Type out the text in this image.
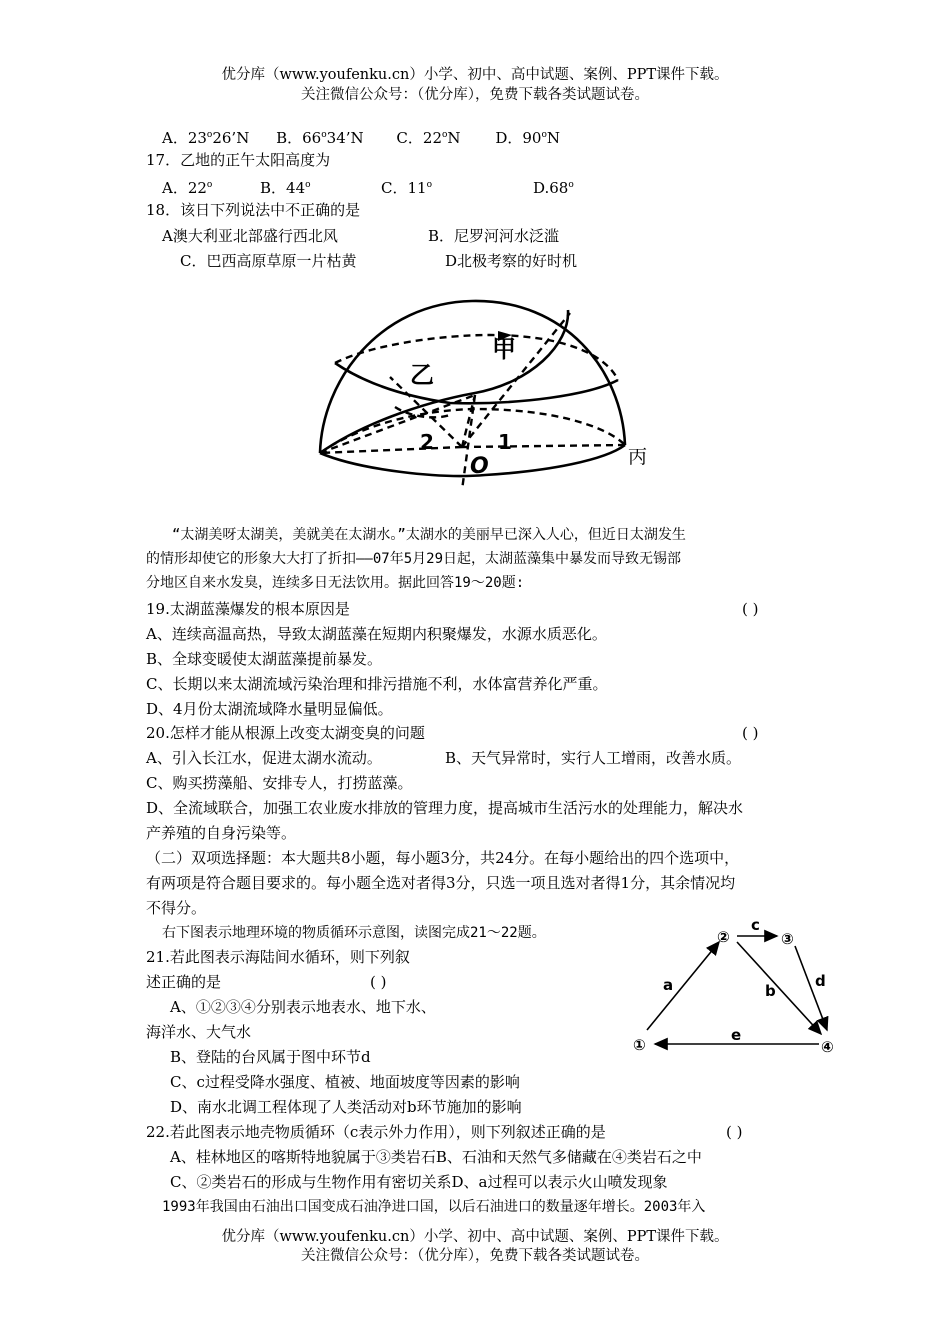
优分库（www.youfenku.cn）小学、初中、高中试题、案例、PPT课件下载。
关注微信公众号：（优分库），免费下载各类试题试卷。
A．23$^o$26’N B．66$^o$34’N C．22$^o$N D．90$^o$N
17．乙地的正午太阳高度为
A．22$^o$	B．44$^o$	C．11$^o$	D.68$^o$
18．该日下列说法中不正确的是
A澳大利亚北部盛行西北风	B．尼罗河河水泛滥
C．巴西高原草原一片枯黄	D北极考察的好时机
甲
乙
丙
O
1
2
“太湖美呀太湖美，美就美在太湖水。”太湖水的美丽早已深入人心，但近日太湖发生
的情形却使它的形象大大打了折扣——07年5月29日起，太湖蓝藻集中暴发而导致无锡部
分地区自来水发臭，连续多日无法饮用。据此回答19～20题:
19.太湖蓝藻爆发的根本原因是	( )
A、连续高温高热，导致太湖蓝藻在短期内积聚爆发，水源水质恶化。
B、全球变暖使太湖蓝藻提前暴发。
C、长期以来太湖流域污染治理和排污措施不利，水体富营养化严重。
D、4月份太湖流域降水量明显偏低。
20.怎样才能从根源上改变太湖变臭的问题	( )
A、引入长江水，促进太湖水流动。	B、天气异常时，实行人工增雨，改善水质。
C、购买捞藻船、安排专人，打捞蓝藻。
D、全流域联合，加强工农业废水排放的管理力度，提高城市生活污水的处理能力，解决水
产养殖的自身污染等。
（二）双项选择题：本大题共8小题，每小题3分，共24分。在每小题给出的四个选项中，
有两项是符合题目要求的。每小题全选对者得3分，只选一项且选对者得1分，其余情况均
不得分。
右下图表示地理环境的物质循环示意图，读图完成21～22题。	②	③
①	④
a
c
d
b
e
21.若此图表示海陆间水循环，则下列叙
述正确的是	( )
A、①②③④分别表示地表水、地下水、
海洋水、大气水
B、登陆的台风属于图中环节d
C、c过程受降水强度、植被、地面坡度等因素的影响
D、南水北调工程体现了人类活动对b环节施加的影响
22.若此图表示地壳物质循环（c表示外力作用），则下列叙述正确的是	( )
A、桂林地区的喀斯特地貌属于③类岩石B、石油和天然气多储藏在④类岩石之中
C、②类岩石的形成与生物作用有密切关系D、a过程可以表示火山喷发现象
1993年我国由石油出口国变成石油净进口国，以后石油进口的数量逐年增长。2003年入
优分库（www.youfenku.cn）小学、初中、高中试题、案例、PPT课件下载。
关注微信公众号：（优分库），免费下载各类试题试卷。
